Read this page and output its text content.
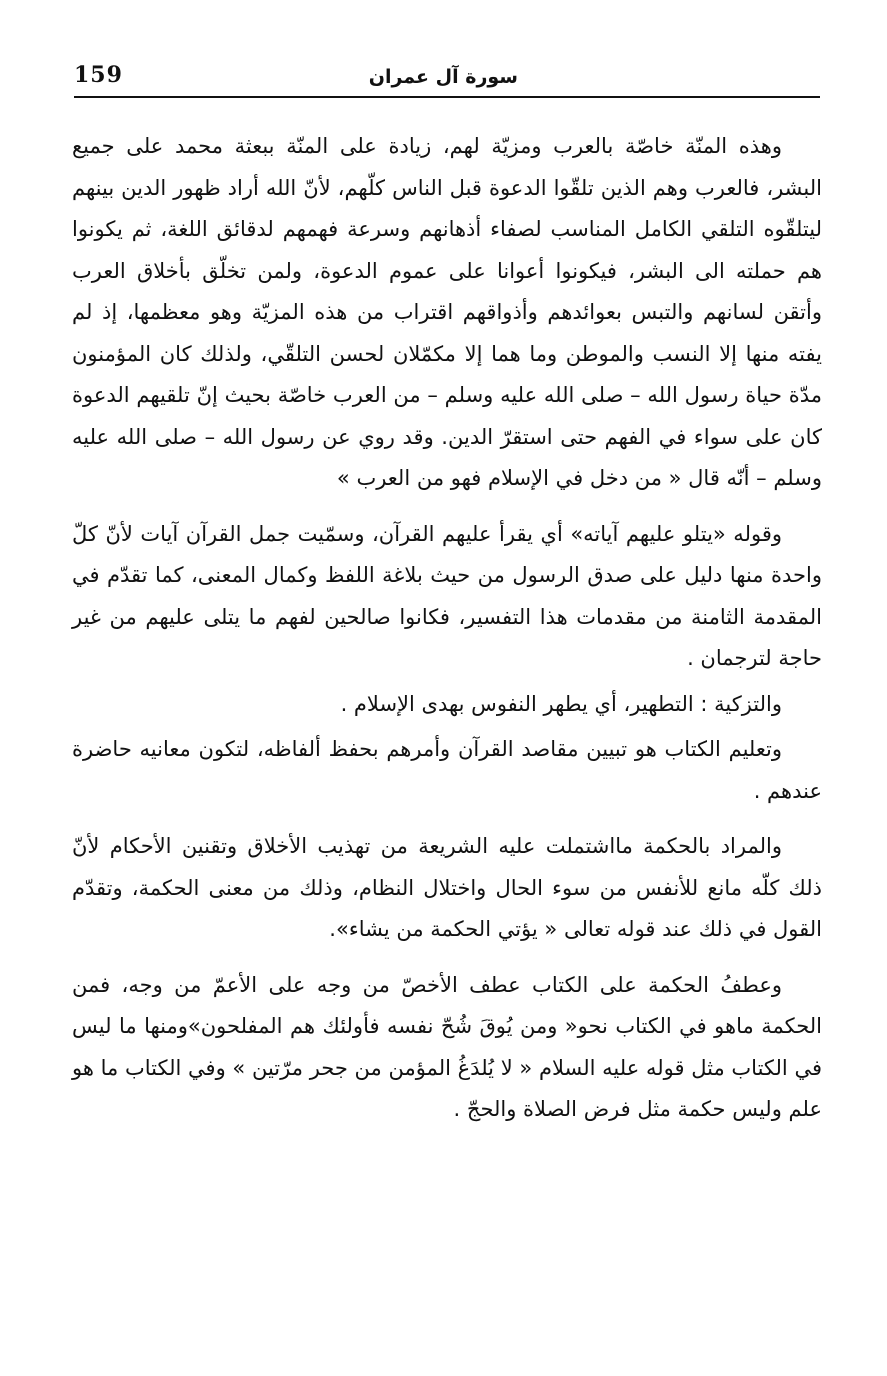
159	سورة آل عمران

وهذه المنّة خاصّة بالعرب ومزيّة لهم، زيادة على المنّة ببعثة محمد على جميع البشر، فالعرب وهم الذين تلقّوا الدعوة قبل الناس كلّهم، لأنّ الله أراد ظهور الدين بينهم ليتلقّوه التلقي الكامل المناسب لصفاء أذهانهم وسرعة فهمهم لدقائق اللغة، ثم يكونوا هم حملته الى البشر، فيكونوا أعوانا على عموم الدعوة، ولمن تخلّق بأخلاق العرب وأتقن لسانهم والتبس بعوائدهم وأذواقهم اقتراب من هذه المزيّة وهو معظمها، إذ لم يفته منها إلا النسب والموطن وما هما إلا مكمّلان لحسن التلقّي، ولذلك كان المؤمنون مدّة حياة رسول الله – صلى الله عليه وسلم – من العرب خاصّة بحيث إنّ تلقيهم الدعوة كان على سواء في الفهم حتى استقرّ الدين. وقد روي عن رسول الله – صلى الله عليه وسلم – أنّه قال « من دخل في الإسلام فهو من العرب »

وقوله «يتلو عليهم آياته» أي يقرأ عليهم القرآن، وسمّيت جمل القرآن آيات لأنّ كلّ واحدة منها دليل على صدق الرسول من حيث بلاغة اللفظ وكمال المعنى، كما تقدّم في المقدمة الثامنة من مقدمات هذا التفسير، فكانوا صالحين لفهم ما يتلى عليهم من غير حاجة لترجمان .

والتزكية : التطهير، أي يطهر النفوس بهدى الإسلام .

وتعليم الكتاب هو تبيين مقاصد القرآن وأمرهم بحفظ ألفاظه، لتكون معانيه حاضرة عندهم .

والمراد بالحكمة مااشتملت عليه الشريعة من تهذيب الأخلاق وتقنين الأحكام لأنّ ذلك كلّه مانع للأنفس من سوء الحال واختلال النظام، وذلك من معنى الحكمة، وتقدّم القول في ذلك عند قوله تعالى « يؤتي الحكمة من يشاء».

وعطفُ الحكمة على الكتاب عطف الأخصّ من وجه على الأعمّ من وجه، فمن الحكمة ماهو في الكتاب نحو« ومن يُوقَ شُحّ نفسه فأولئك هم المفلحون»ومنها ما ليس في الكتاب مثل قوله عليه السلام « لا يُلدَغُ المؤمن من جحر مرّتين » وفي الكتاب ما هو علم وليس حكمة مثل فرض الصلاة والحجّ .
